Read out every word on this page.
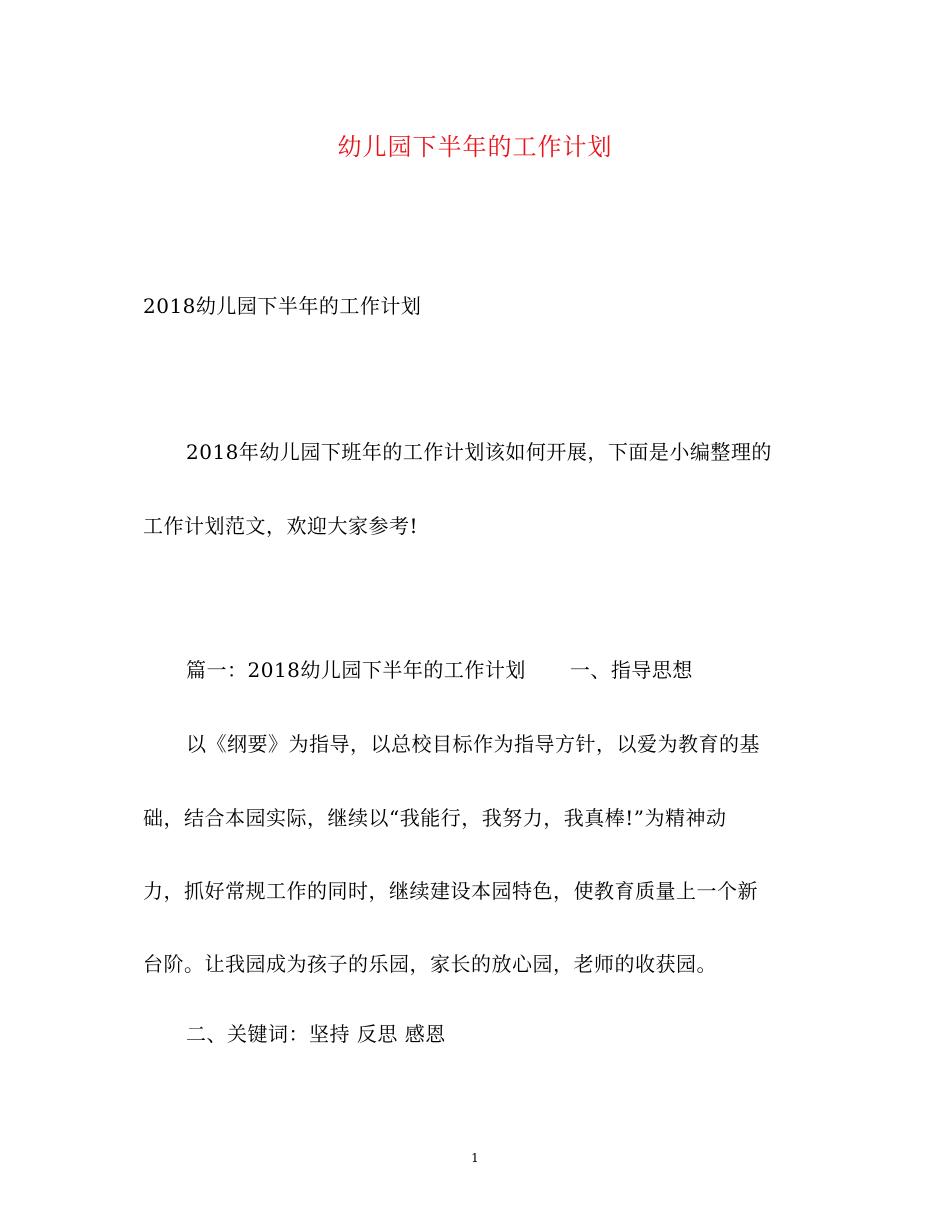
幼儿园下半年的工作计划
2018幼儿园下半年的工作计划
2018年幼儿园下班年的工作计划该如何开展，下面是小编整理的
工作计划范文，欢迎大家参考!
篇一：2018幼儿园下半年的工作计划 一、指导思想
以《纲要》为指导，以总校目标作为指导方针，以爱为教育的基
础，结合本园实际，继续以“我能行，我努力，我真棒!”为精神动
力，抓好常规工作的同时，继续建设本园特色，使教育质量上一个新
台阶。让我园成为孩子的乐园，家长的放心园，老师的收获园。
二、关键词：坚持 反思 感恩
1
